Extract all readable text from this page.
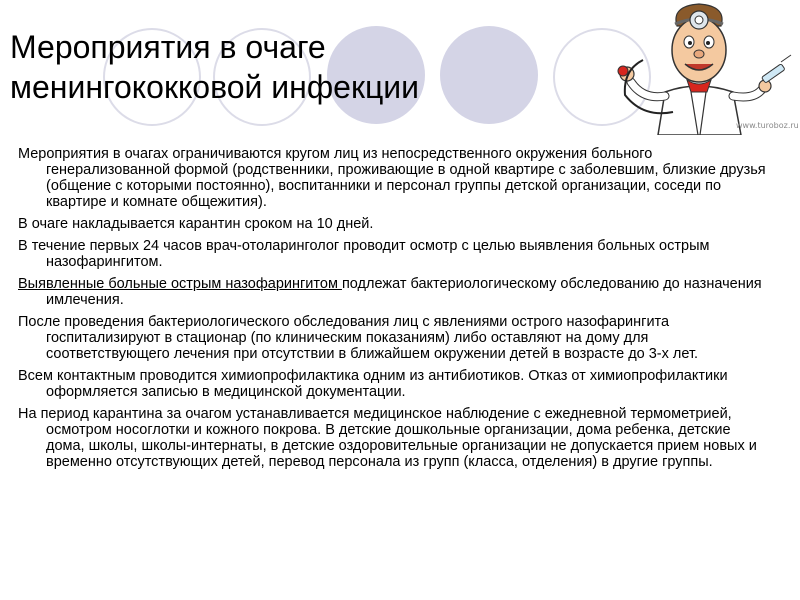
Мероприятия в очаге
менингококковой инфекции
www.turoboz.ru

Мероприятия в очагах ограничиваются кругом лиц из непосредственного окружения больного генерализованной формой (родственники, проживающие в одной квартире с заболевшим, близкие друзья (общение с которыми постоянно), воспитанники и персонал группы детской организации, соседи по квартире и комнате общежития).

В очаге накладывается карантин сроком на 10 дней.

В течение первых 24 часов врач-отоларинголог проводит осмотр с целью выявления больных острым назофарингитом.

Выявленные больные острым назофарингитом подлежат бактериологическому обследованию до назначения имлечения.

После проведения бактериологического обследования лиц с явлениями острого назофарингита госпитализируют в стационар (по клиническим показаниям) либо оставляют на дому для соответствующего лечения при отсутствии в ближайшем окружении детей в возрасте до 3-х лет.

Всем контактным проводится химиопрофилактика одним из антибиотиков. Отказ от химиопрофилактики оформляется записью в медицинской документации.

На период карантина за очагом устанавливается медицинское наблюдение с ежедневной термометрией, осмотром носоглотки и кожного покрова. В детские дошкольные организации, дома ребенка, детские дома, школы, школы-интернаты, в детские оздоровительные организации не допускается прием новых и временно отсутствующих детей, перевод персонала из групп (класса, отделения) в другие группы.
